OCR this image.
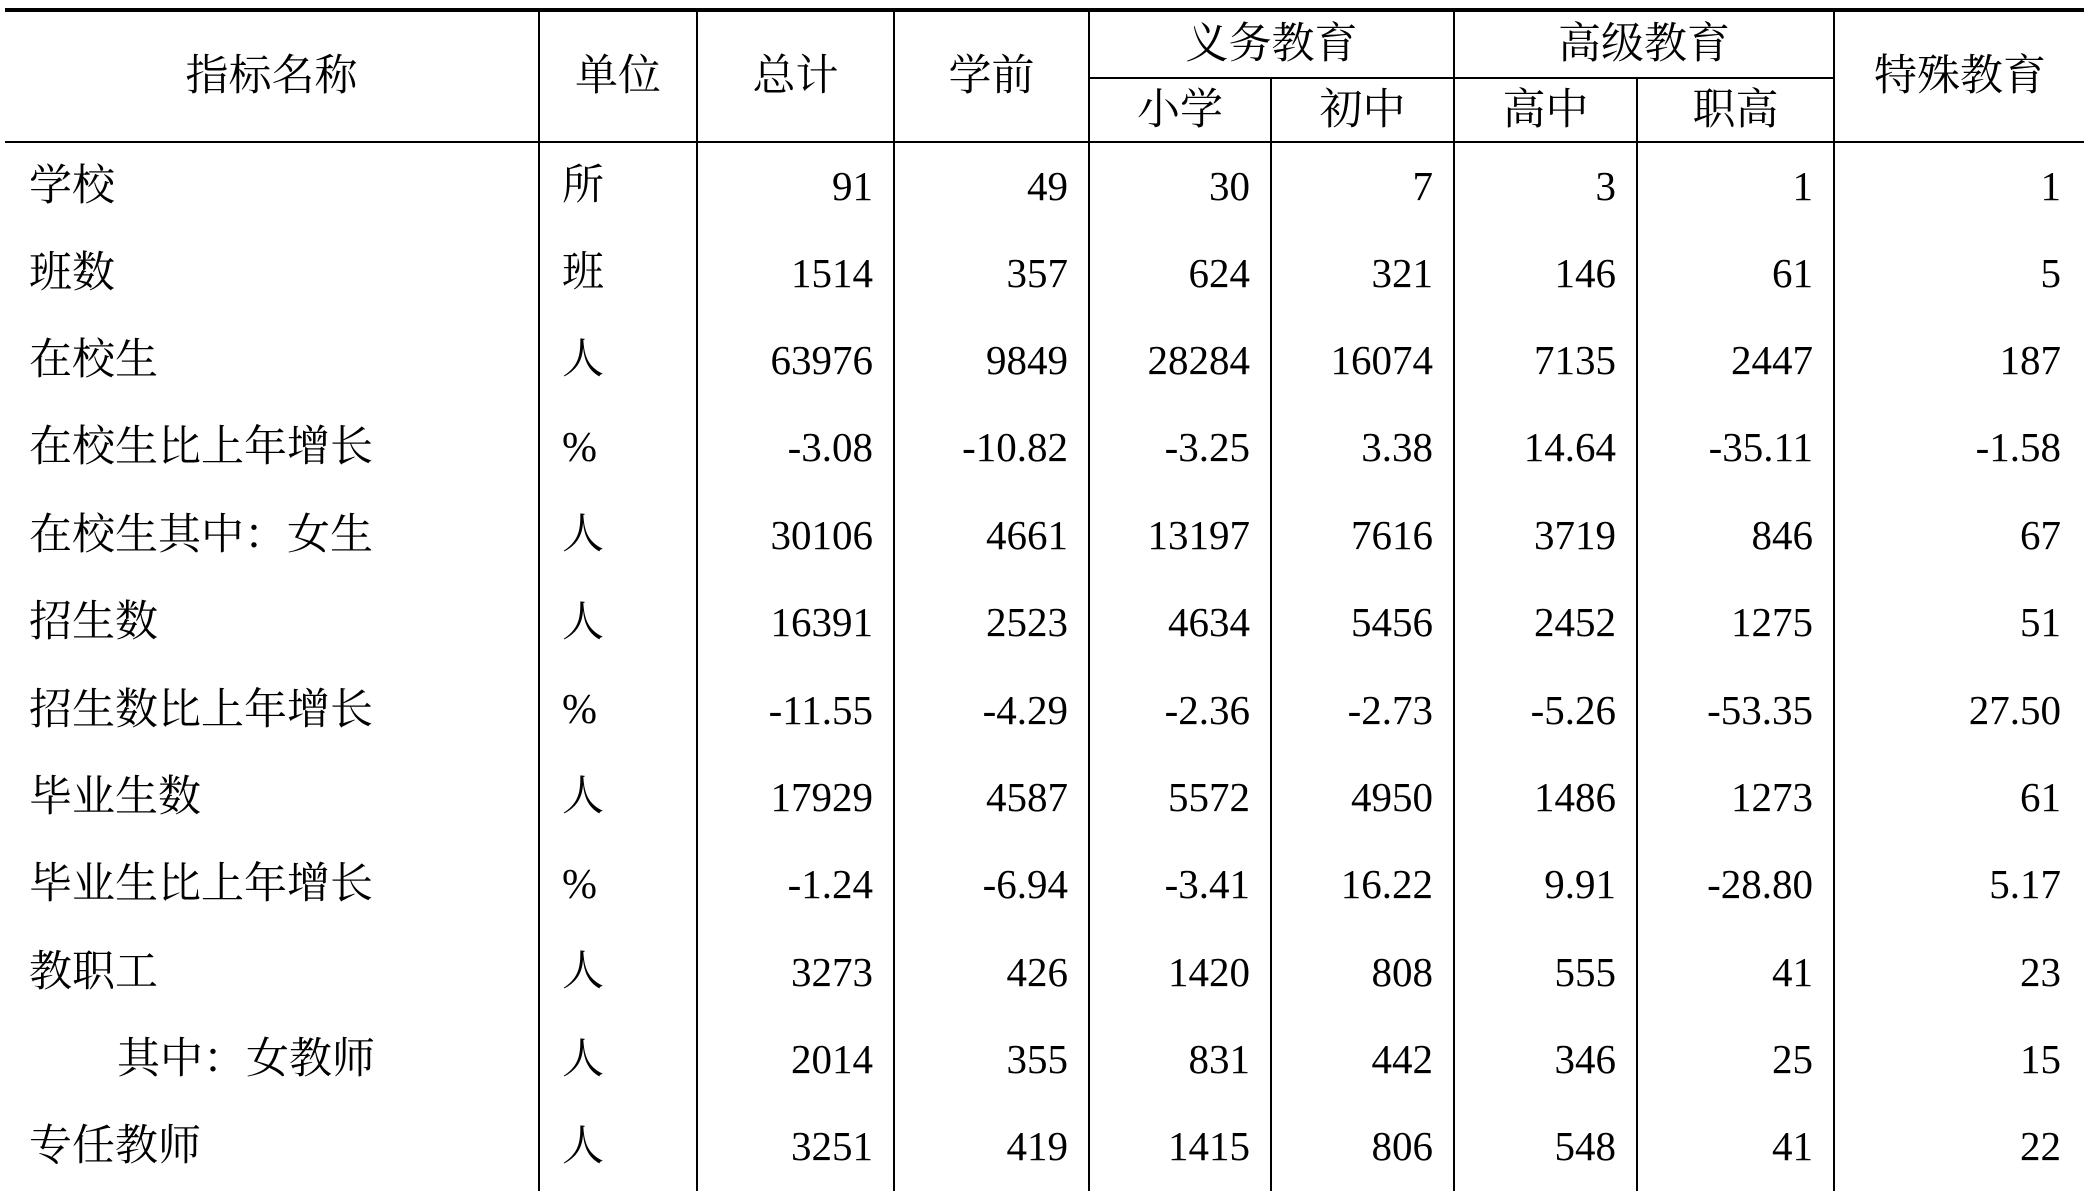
指标名称	单位	总计	学前	义务教育		高级教育		特殊教育
				小学	初中	高中	职高	
学校	所	91	49	30	7	3	1	1
班数	班	1514	357	624	321	146	61	5
在校生	人	63976	9849	28284	16074	7135	2447	187
在校生比上年增长	%	-3.08	-10.82	-3.25	3.38	14.64	-35.11	-1.58
在校生其中：女生	人	30106	4661	13197	7616	3719	846	67
招生数	人	16391	2523	4634	5456	2452	1275	51
招生数比上年增长	%	-11.55	-4.29	-2.36	-2.73	-5.26	-53.35	27.50
毕业生数	人	17929	4587	5572	4950	1486	1273	61
毕业生比上年增长	%	-1.24	-6.94	-3.41	16.22	9.91	-28.80	5.17
教职工	人	3273	426	1420	808	555	41	23
其中：女教师	人	2014	355	831	442	346	25	15
专任教师	人	3251	419	1415	806	548	41	22
